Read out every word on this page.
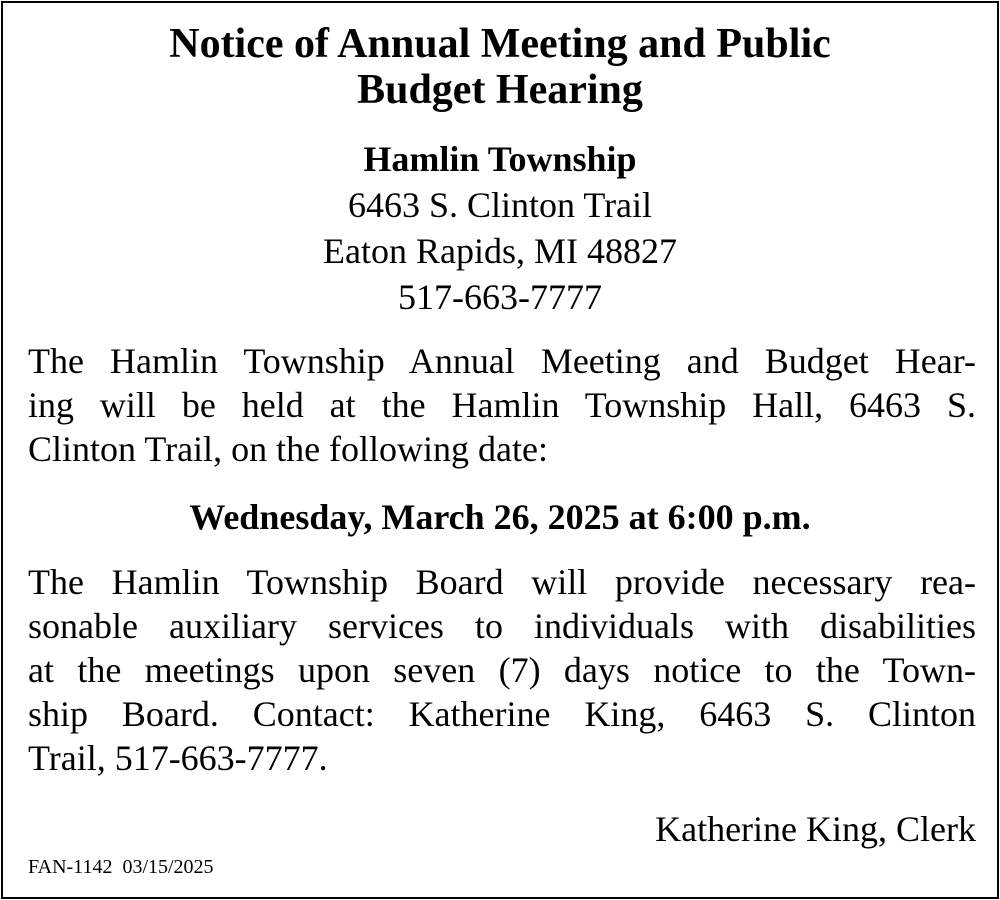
Notice of Annual Meeting and Public
Budget Hearing
Hamlin Township
6463 S. Clinton Trail
Eaton Rapids, MI 48827
517-663-7777
The Hamlin Township Annual Meeting and Budget Hear-
ing will be held at the Hamlin Township Hall, 6463 S.
Clinton Trail, on the following date:
Wednesday, March 26, 2025 at 6:00 p.m.
The Hamlin Township Board will provide necessary rea-
sonable auxiliary services to individuals with disabilities
at the meetings upon seven (7) days notice to the Town-
ship Board. Contact: Katherine King, 6463 S. Clinton
Trail, 517-663-7777.
Katherine King, Clerk
FAN-1142  03/15/2025
